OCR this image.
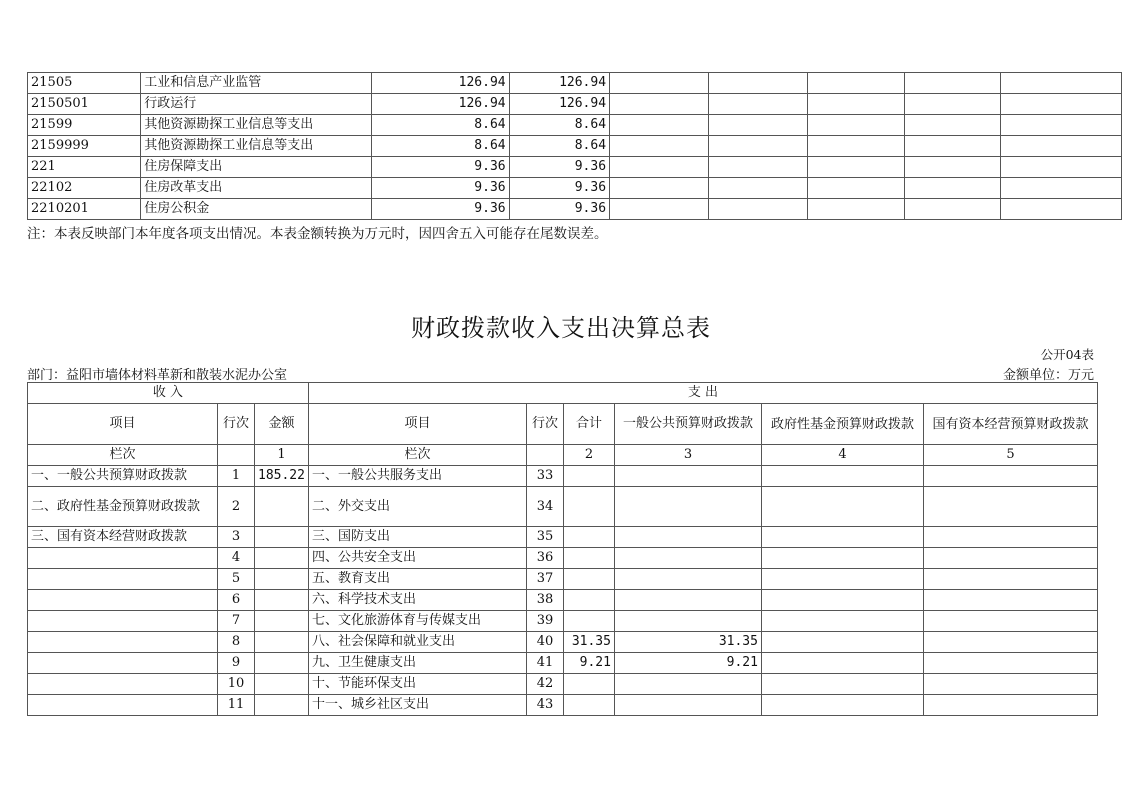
21505	工业和信息产业监管	126.94	126.94					
2150501	行政运行	126.94	126.94					
21599	其他资源勘探工业信息等支出	8.64	8.64					
2159999	其他资源勘探工业信息等支出	8.64	8.64					
221	住房保障支出	9.36	9.36					
22102	住房改革支出	9.36	9.36					
2210201	住房公积金	9.36	9.36					
注：本表反映部门本年度各项支出情况。本表金额转换为万元时，因四舍五入可能存在尾数误差。
财政拨款收入支出决算总表
公开04表
部门：益阳市墙体材料革新和散装水泥办公室	金额单位：万元
收 入			支 出					
项目	行次	金额	项目	行次	合计	一般公共预算财政拨款	政府性基金预算财政拨款	国有资本经营预算财政拨款
栏次		1	栏次		2	3	4	5
一、一般公共预算财政拨款	1	185.22	一、一般公共服务支出	33				
二、政府性基金预算财政拨款	2		二、外交支出	34				
三、国有资本经营财政拨款	3		三、国防支出	35				
	4		四、公共安全支出	36				
	5		五、教育支出	37				
	6		六、科学技术支出	38				
	7		七、文化旅游体育与传媒支出	39				
	8		八、社会保障和就业支出	40	31.35	31.35		
	9		九、卫生健康支出	41	9.21	9.21		
	10		十、节能环保支出	42				
	11		十一、城乡社区支出	43				
